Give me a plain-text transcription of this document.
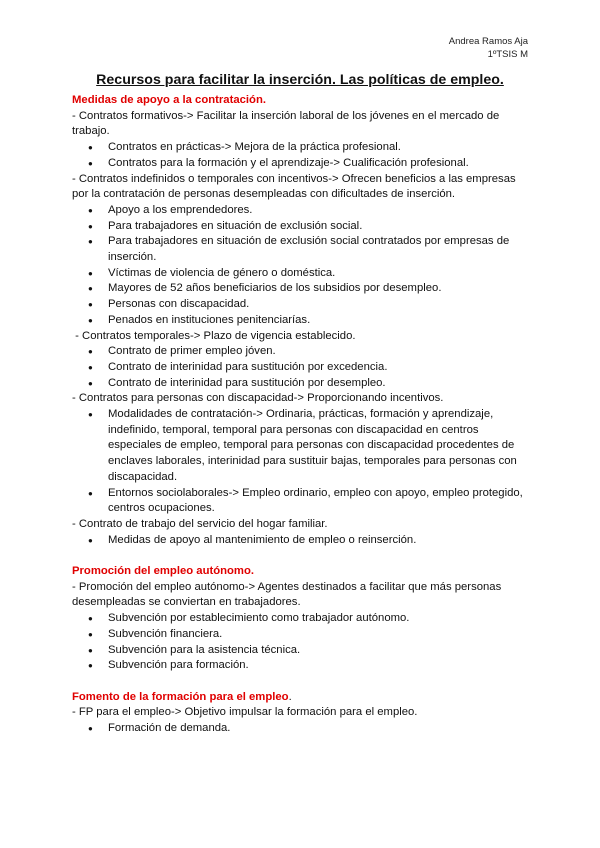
Andrea Ramos Aja
1ºTSIS M
Recursos para facilitar la inserción. Las políticas de empleo.
Medidas de apoyo a la contratación.
- Contratos formativos-> Facilitar la inserción laboral de los jóvenes en el mercado de trabajo.
● Contratos en prácticas-> Mejora de la práctica profesional.
● Contratos para la formación y el aprendizaje-> Cualificación profesional.
- Contratos indefinidos o temporales con incentivos-> Ofrecen beneficios a las empresas por la contratación de personas desempleadas con dificultades de inserción.
● Apoyo a los emprendedores.
● Para trabajadores en situación de exclusión social.
● Para trabajadores en situación de exclusión social contratados por empresas de inserción.
● Víctimas de violencia de género o doméstica.
● Mayores de 52 años beneficiarios de los subsidios por desempleo.
● Personas con discapacidad.
● Penados en instituciones penitenciarías.
- Contratos temporales-> Plazo de vigencia establecido.
● Contrato de primer empleo jóven.
● Contrato de interinidad para sustitución por excedencia.
● Contrato de interinidad para sustitución por desempleo.
- Contratos para personas con discapacidad-> Proporcionando incentivos.
● Modalidades de contratación-> Ordinaria, prácticas, formación y aprendizaje, indefinido, temporal, temporal para personas con discapacidad en centros especiales de empleo, temporal para personas con discapacidad procedentes de enclaves laborales, interinidad para sustituir bajas, temporales para personas con discapacidad.
● Entornos sociolaborales-> Empleo ordinario, empleo con apoyo, empleo protegido, centros ocupaciones.
- Contrato de trabajo del servicio del hogar familiar.
● Medidas de apoyo al mantenimiento de empleo o reinserción.
Promoción del empleo autónomo.
- Promoción del empleo autónomo-> Agentes destinados a facilitar que más personas desempleadas se conviertan en trabajadores.
● Subvención por establecimiento como trabajador autónomo.
● Subvención financiera.
● Subvención para la asistencia técnica.
● Subvención para formación.
Fomento de la formación para el empleo.
- FP para el empleo-> Objetivo impulsar la formación para el empleo.
● Formación de demanda.
